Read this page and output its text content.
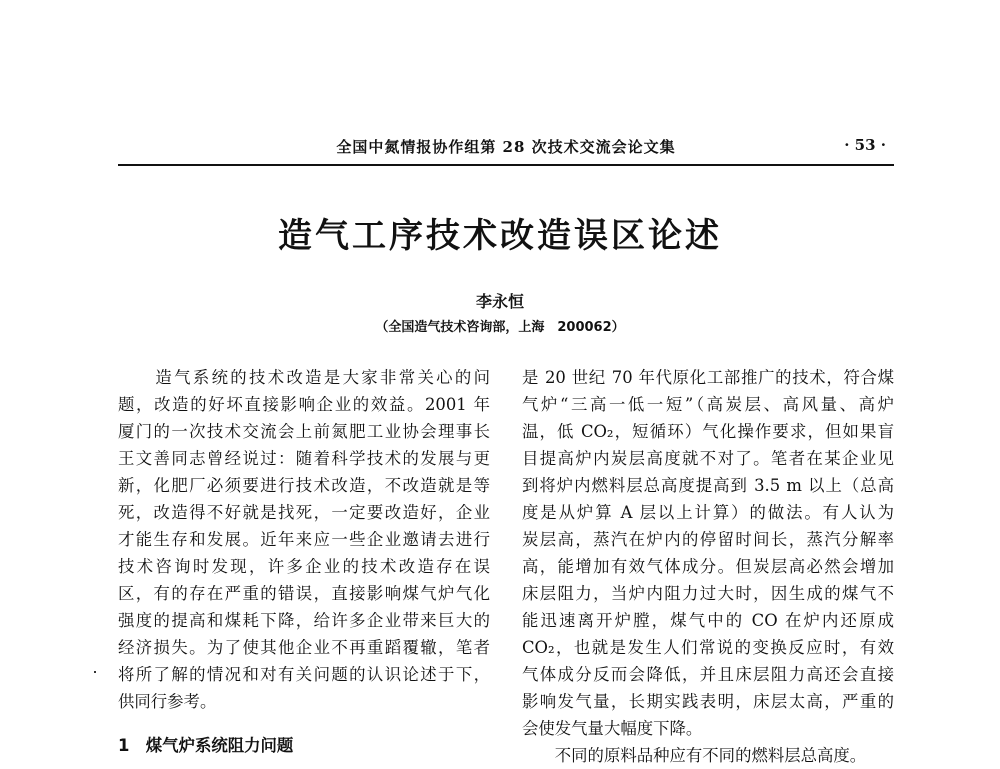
全国中氮情报协作组第 28 次技术交流会论文集	· 53 ·
造气工序技术改造误区论述
李永恒
（全国造气技术咨询部，上海　200062）
　　造气系统的技术改造是大家非常关心的问
题，改造的好坏直接影响企业的效益。2001 年
厦门的一次技术交流会上前氮肥工业协会理事长
王文善同志曾经说过：随着科学技术的发展与更
新，化肥厂必须要进行技术改造，不改造就是等
死，改造得不好就是找死，一定要改造好，企业
才能生存和发展。近年来应一些企业邀请去进行
技术咨询时发现，许多企业的技术改造存在误
区，有的存在严重的错误，直接影响煤气炉气化
强度的提高和煤耗下降，给许多企业带来巨大的
经济损失。为了使其他企业不再重蹈覆辙，笔者
将所了解的情况和对有关问题的认识论述于下，
供同行参考。
是 20 世纪 70 年代原化工部推广的技术，符合煤
气炉“三高一低一短”（高炭层、高风量、高炉
温，低 CO₂，短循环）气化操作要求，但如果盲
目提高炉内炭层高度就不对了。笔者在某企业见
到将炉内燃料层总高度提高到 3.5 m 以上（总高
度是从炉算 A 层以上计算）的做法。有人认为
炭层高，蒸汽在炉内的停留时间长，蒸汽分解率
高，能增加有效气体成分。但炭层高必然会增加
床层阻力，当炉内阻力过大时，因生成的煤气不
能迅速离开炉膛，煤气中的 CO 在炉内还原成
CO₂，也就是发生人们常说的变换反应时，有效
气体成分反而会降低，并且床层阻力高还会直接
影响发气量，长期实践表明，床层太高，严重的
会使发气量大幅度下降。
　　不同的原料品种应有不同的燃料层总高度。
1　煤气炉系统阻力问题
